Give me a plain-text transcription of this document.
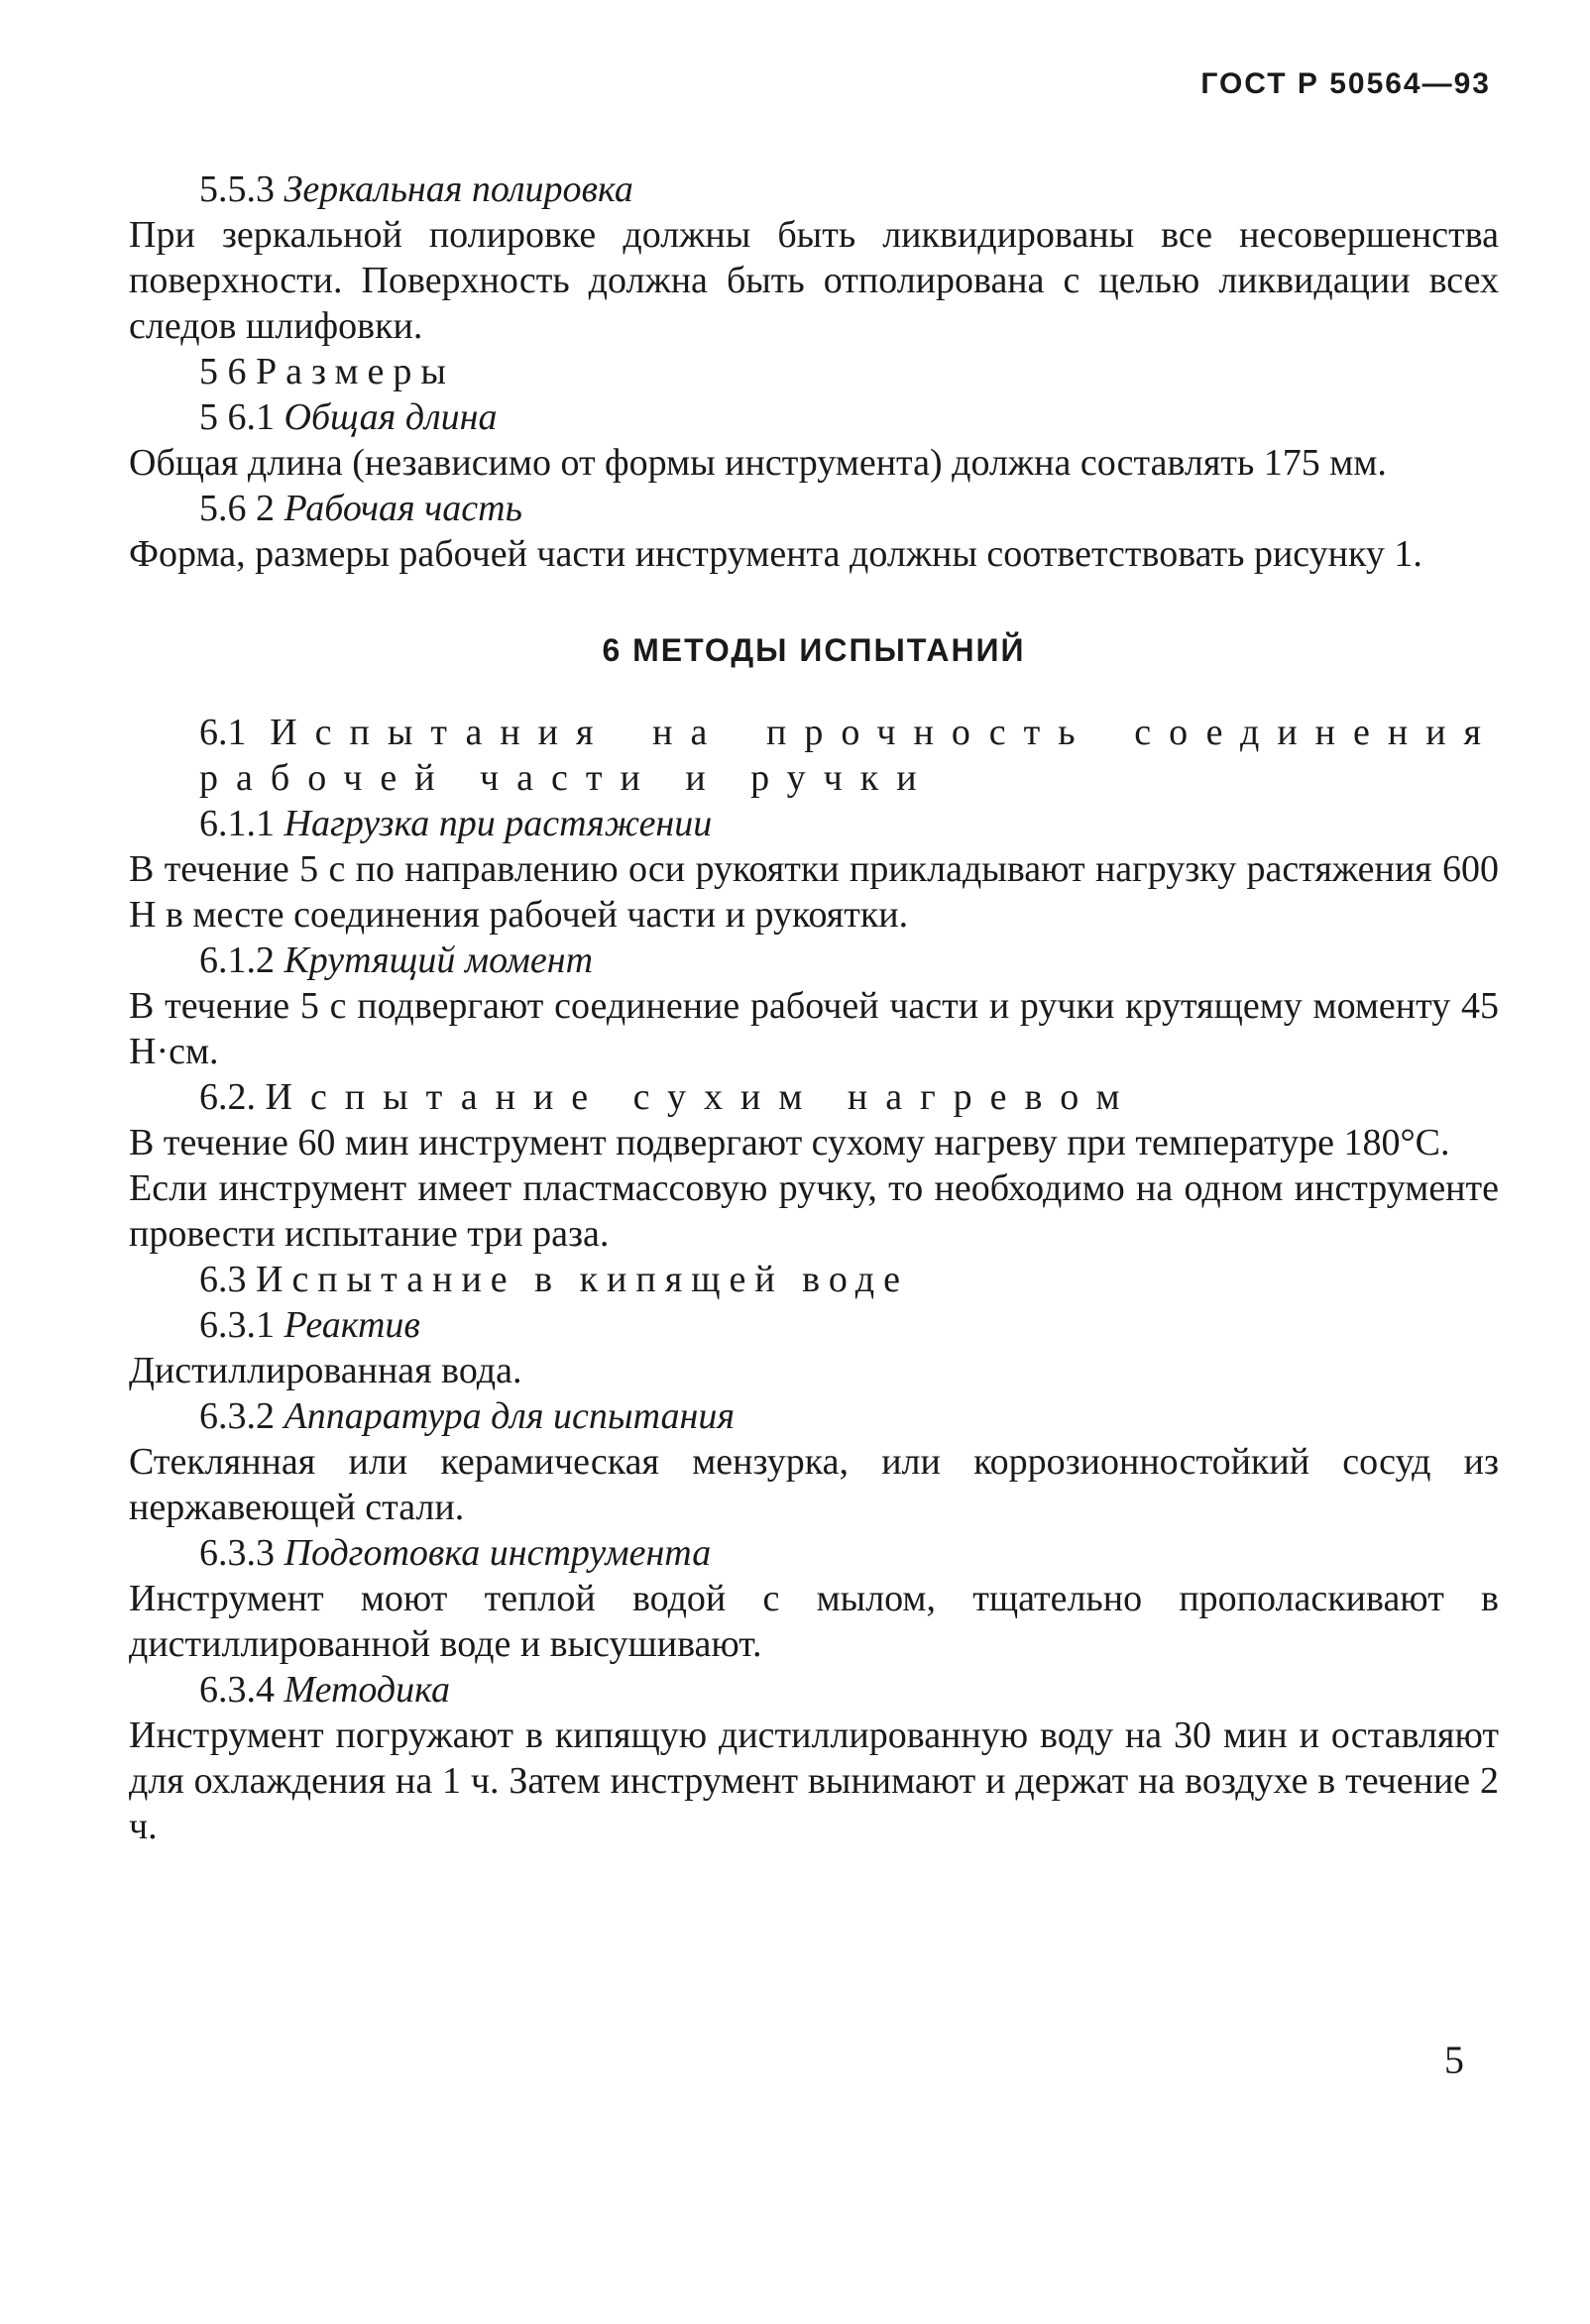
ГОСТ Р 50564—93

5.5.3 Зеркальная полировка

При зеркальной полировке должны быть ликвидированы все несовершенства поверхности. Поверхность должна быть отполирована с целью ликвидации всех следов шлифовки.

5 6 Размеры

5 6.1 Общая длина

Общая длина (независимо от формы инструмента) должна составлять 175 мм.

5.6 2 Рабочая часть

Форма, размеры рабочей части инструмента должны соответствовать рисунку 1.

6 МЕТОДЫ ИСПЫТАНИЙ

6.1 Испытания на прочность соединения рабочей части и ручки

6.1.1 Нагрузка при растяжении

В течение 5 с по направлению оси рукоятки прикладывают нагрузку растяжения 600 Н в месте соединения рабочей части и рукоятки.

6.1.2 Крутящий момент

В течение 5 с подвергают соединение рабочей части и ручки крутящему моменту 45 Н·см.

6.2. Испытание сухим нагревом

В течение 60 мин инструмент подвергают сухому нагреву при температуре 180°С.

Если инструмент имеет пластмассовую ручку, то необходимо на одном инструменте провести испытание три раза.

6.3 Испытание в кипящей воде

6.3.1 Реактив

Дистиллированная вода.

6.3.2 Аппаратура для испытания

Стеклянная или керамическая мензурка, или коррозионностойкий сосуд из нержавеющей стали.

6.3.3 Подготовка инструмента

Инструмент моют теплой водой с мылом, тщательно прополаскивают в дистиллированной воде и высушивают.

6.3.4 Методика

Инструмент погружают в кипящую дистиллированную воду на 30 мин и оставляют для охлаждения на 1 ч. Затем инструмент вынимают и держат на воздухе в течение 2 ч.

5
